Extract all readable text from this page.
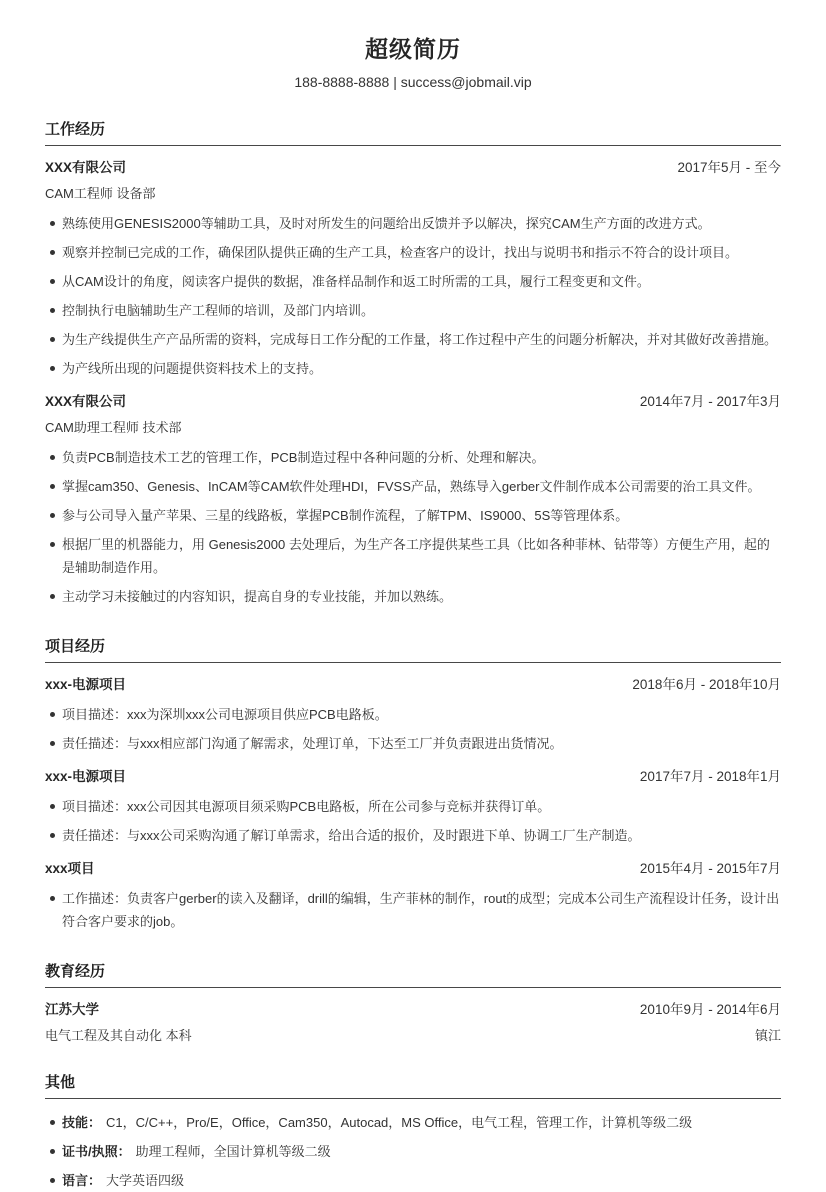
超级简历
188-8888-8888 | success@jobmail.vip
工作经历
XXX有限公司	2017年5月 - 至今
CAM工程师 设备部
熟练使用GENESIS2000等辅助工具，及时对所发生的问题给出反馈并予以解决，探究CAM生产方面的改进方式。
观察并控制已完成的工作，确保团队提供正确的生产工具，检查客户的设计，找出与说明书和指示不符合的设计项目。
从CAM设计的角度，阅读客户提供的数据，准备样品制作和返工时所需的工具，履行工程变更和文件。
控制执行电脑辅助生产工程师的培训，及部门内培训。
为生产线提供生产产品所需的资料，完成每日工作分配的工作量，将工作过程中产生的问题分析解决，并对其做好改善措施。
为产线所出现的问题提供资料技术上的支持。
XXX有限公司	2014年7月 - 2017年3月
CAM助理工程师 技术部
负责PCB制造技术工艺的管理工作，PCB制造过程中各种问题的分析、处理和解决。
掌握cam350、Genesis、InCAM等CAM软件处理HDI，FVSS产品，熟练导入gerber文件制作成本公司需要的治工具文件。
参与公司导入量产苹果、三星的线路板，掌握PCB制作流程，了解TPM、IS9000、5S等管理体系。
根据厂里的机器能力，用 Genesis2000 去处理后，为生产各工序提供某些工具（比如各种菲林、钻带等）方便生产用，起的是辅助制造作用。
主动学习未接触过的内容知识，提高自身的专业技能，并加以熟练。
项目经历
xxx-电源项目	2018年6月 - 2018年10月
项目描述：xxx为深圳xxx公司电源项目供应PCB电路板。
责任描述：与xxx相应部门沟通了解需求，处理订单，下达至工厂并负责跟进出货情况。
xxx-电源项目	2017年7月 - 2018年1月
项目描述：xxx公司因其电源项目须采购PCB电路板，所在公司参与竞标并获得订单。
责任描述：与xxx公司采购沟通了解订单需求，给出合适的报价，及时跟进下单、协调工厂生产制造。
xxx项目	2015年4月 - 2015年7月
工作描述：负责客户gerber的读入及翻译，drill的编辑，生产菲林的制作，rout的成型；完成本公司生产流程设计任务，设计出符合客户要求的job。
教育经历
江苏大学	2010年9月 - 2014年6月
电气工程及其自动化 本科	镇江
其他
技能： C1，C/C++，Pro/E，Office，Cam350，Autocad，MS Office，电气工程，管理工作，计算机等级二级
证书/执照： 助理工程师，全国计算机等级二级
语言： 大学英语四级
